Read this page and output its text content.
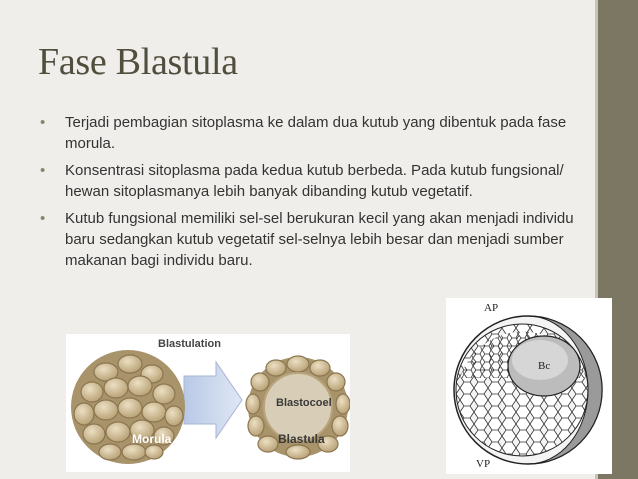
Fase Blastula
• Terjadi pembagian sitoplasma ke dalam dua kutub yang dibentuk pada fase morula.
• Konsentrasi sitoplasma pada kedua kutub berbeda. Pada kutub fungsional/ hewan sitoplasmanya lebih banyak dibanding kutub vegetatif.
• Kutub fungsional memiliki sel-sel berukuran kecil yang akan menjadi individu baru sedangkan kutub vegetatif sel-selnya lebih besar dan menjadi sumber makanan bagi individu baru.
Blastulation
Blastocoel
Morula	Blastula
AP
Bc
VP
